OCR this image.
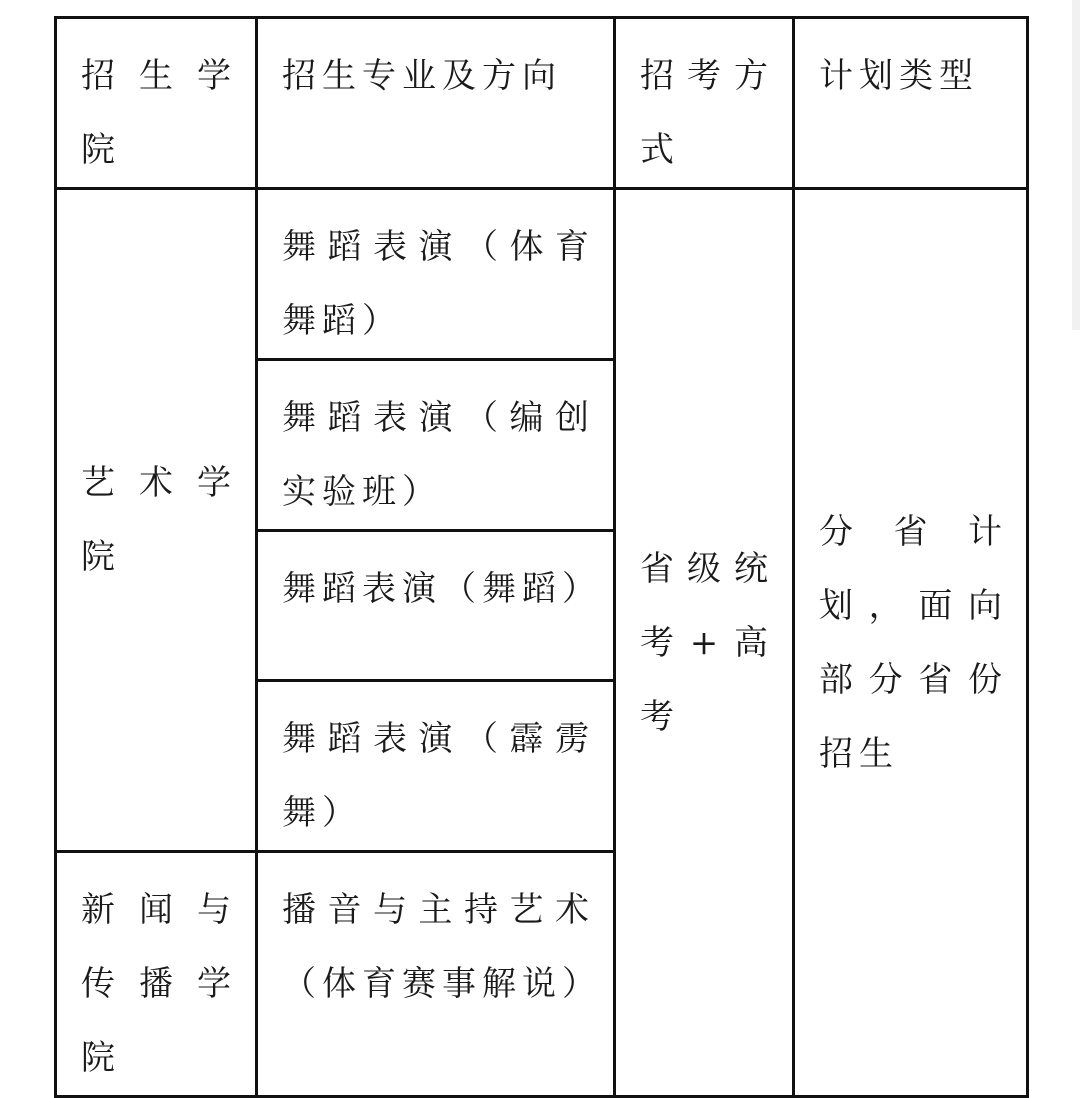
招生学院	招生专业及方向	招考方式	计划类型

艺术学院	舞蹈表演（体育舞蹈）	省级统考+高考	分省计划，面向部分省份招生

	舞蹈表演（编创实验班）		

	舞蹈表演（舞蹈）		

	舞蹈表演（霹雳舞）		

新闻与传播学院	播音与主持艺术（体育赛事解说）		
